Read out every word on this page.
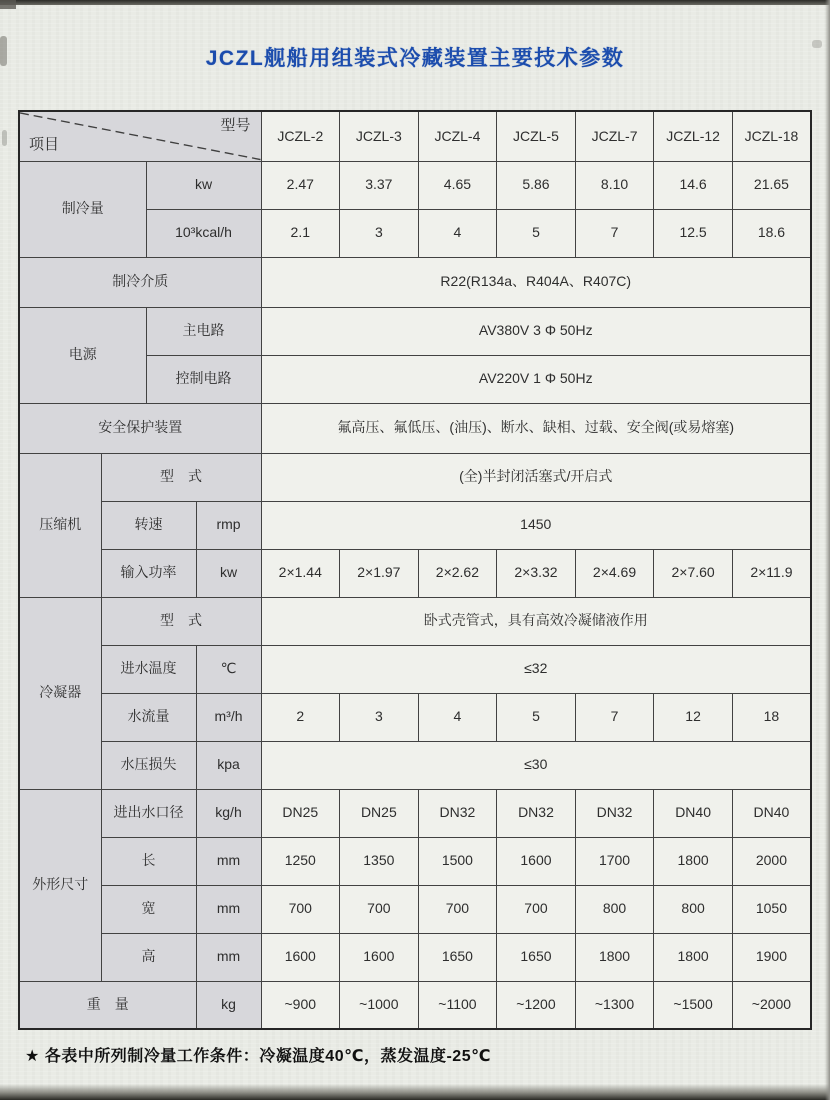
JCZL舰船用组装式冷藏装置主要技术参数
项目
型号				JCZL-2	JCZL-3	JCZL-4	JCZL-5	JCZL-7	JCZL-12	JCZL-18
制冷量		kw		2.47	3.37	4.65	5.86	8.10	14.6	21.65
		10³kcal/h		2.1	3	4	5	7	12.5	18.6
制冷介质				R22(R134a、R404A、R407C)						
电源		主电路		AV380V 3 Φ 50Hz						
		控制电路		AV220V 1 Φ 50Hz						
安全保护装置				氟高压、氟低压、(油压)、断水、缺相、过载、安全阀(或易熔塞)						
压缩机	型　式			(全)半封闭活塞式/开启式						
	转速		rmp	1450						
	输入功率		kw	2×1.44	2×1.97	2×2.62	2×3.32	2×4.69	2×7.60	2×11.9
冷凝器	型　式			卧式壳管式，具有高效冷凝储液作用						
	进水温度		℃	≤32						
	水流量		m³/h	2	3	4	5	7	12	18
	水压损失		kpa	≤30						
外形尺寸	进出水口径		kg/h	DN25	DN25	DN32	DN32	DN32	DN40	DN40
	长		mm	1250	1350	1500	1600	1700	1800	2000
	宽		mm	700	700	700	700	800	800	1050
	高		mm	1600	1600	1650	1650	1800	1800	1900
重　量			kg	~900	~1000	~1100	~1200	~1300	~1500	~2000
★ 各表中所列制冷量工作条件：冷凝温度40℃，蒸发温度-25℃
